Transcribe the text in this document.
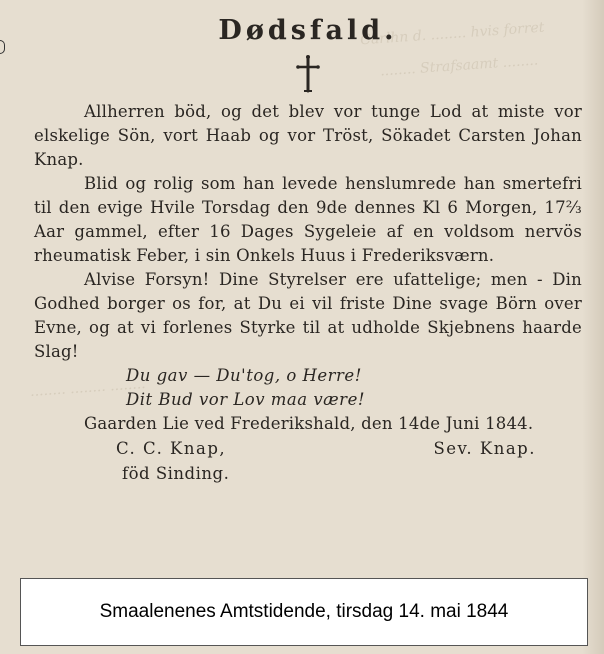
Carlhn d. ........ hvis forret
........ Strafsaamt ........
........ ........ ........
Dødsfald.

Allherren böd, og det blev vor tunge Lod at miste vor elskelige Sön, vort Haab og vor Tröst, Sökadet Carsten Johan Knap.

Blid og rolig som han levede henslumrede han smertefri til den evige Hvile Torsdag den 9de dennes Kl 6 Morgen, 17⅔ Aar gammel, efter 16 Dages Sygeleie af en voldsom nervös rheumatisk Feber, i sin Onkels Huus i Frederiksværn.

Alvise Forsyn! Dine Styrelser ere ufattelige; men - Din Godhed borger os for, at Du ei vil friste Dine svage Börn over Evne, og at vi forlenes Styrke til at udholde Skjebnens haarde Slag!

Du gav — Du'tog, o Herre!
Dit Bud vor Lov maa være!

Gaarden Lie ved Frederikshald, den 14de Juni 1844.

C. C. Knap,	Sev. Knap.
föd Sinding.
Smaalenenes Amtstidende, tirsdag 14. mai 1844
